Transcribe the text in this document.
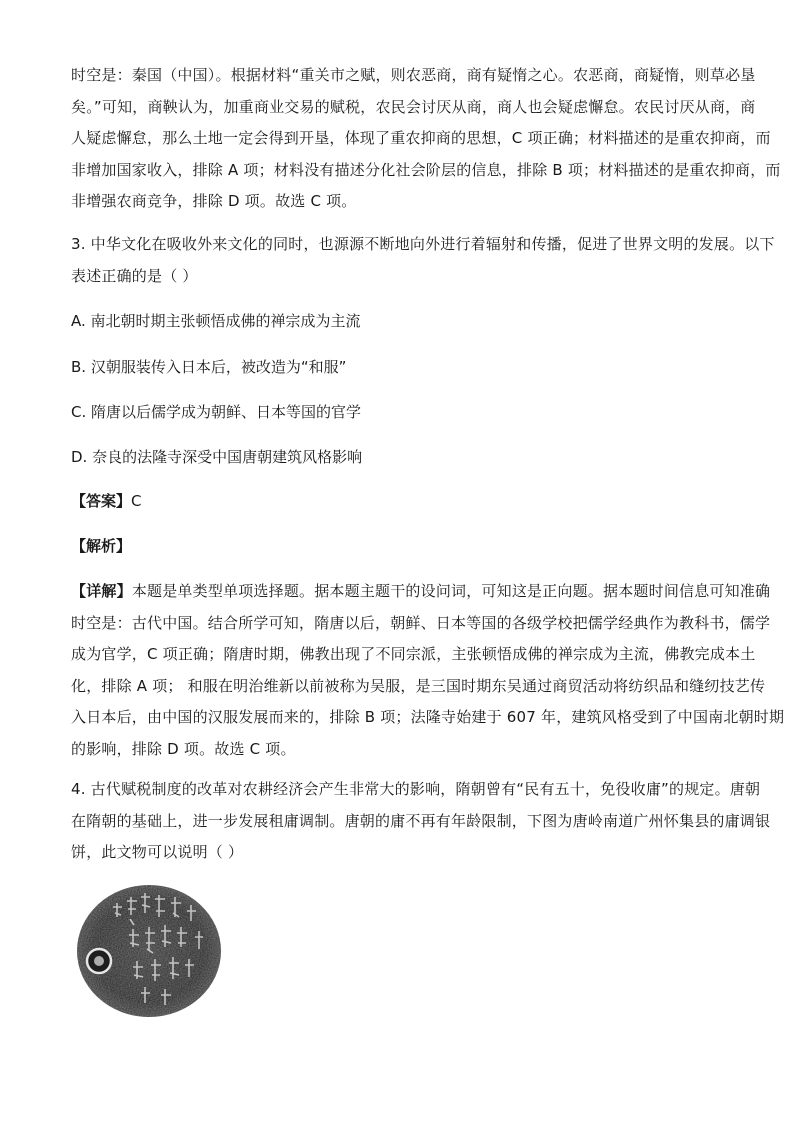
时空是：秦国（中国）。根据材料“重关市之赋，则农恶商，商有疑惰之心。农恶商，商疑惰，则草必垦
矣。”可知，商鞅认为，加重商业交易的赋税，农民会讨厌从商，商人也会疑虑懈怠。农民讨厌从商，商
人疑虑懈怠，那么土地一定会得到开垦，体现了重农抑商的思想，C 项正确；材料描述的是重农抑商，而
非增加国家收入，排除 A 项；材料没有描述分化社会阶层的信息，排除 B 项；材料描述的是重农抑商，而
非增强农商竞争，排除 D 项。故选 C 项。
3. 中华文化在吸收外来文化的同时，也源源不断地向外进行着辐射和传播，促进了世界文明的发展。以下
表述正确的是（ ）

A. 南北朝时期主张顿悟成佛的禅宗成为主流

B. 汉朝服装传入日本后，被改造为“和服”

C. 隋唐以后儒学成为朝鲜、日本等国的官学

D. 奈良的法隆寺深受中国唐朝建筑风格影响

【答案】C

【解析】

【详解】本题是单类型单项选择题。据本题主题干的设问词，可知这是正向题。据本题时间信息可知准确
时空是：古代中国。结合所学可知，隋唐以后，朝鲜、日本等国的各级学校把儒学经典作为教科书，儒学
成为官学，C 项正确；隋唐时期，佛教出现了不同宗派，主张顿悟成佛的禅宗成为主流，佛教完成本土
化，排除 A 项； 和服在明治维新以前被称为吴服，是三国时期东吴通过商贸活动将纺织品和缝纫技艺传
入日本后，由中国的汉服发展而来的，排除 B 项；法隆寺始建于 607 年，建筑风格受到了中国南北朝时期
的影响，排除 D 项。故选 C 项。
4. 古代赋税制度的改革对农耕经济会产生非常大的影响，隋朝曾有“民有五十，免役收庸”的规定。唐朝
在隋朝的基础上，进一步发展租庸调制。唐朝的庸不再有年龄限制，下图为唐岭南道广州怀集县的庸调银
饼，此文物可以说明（ ）
